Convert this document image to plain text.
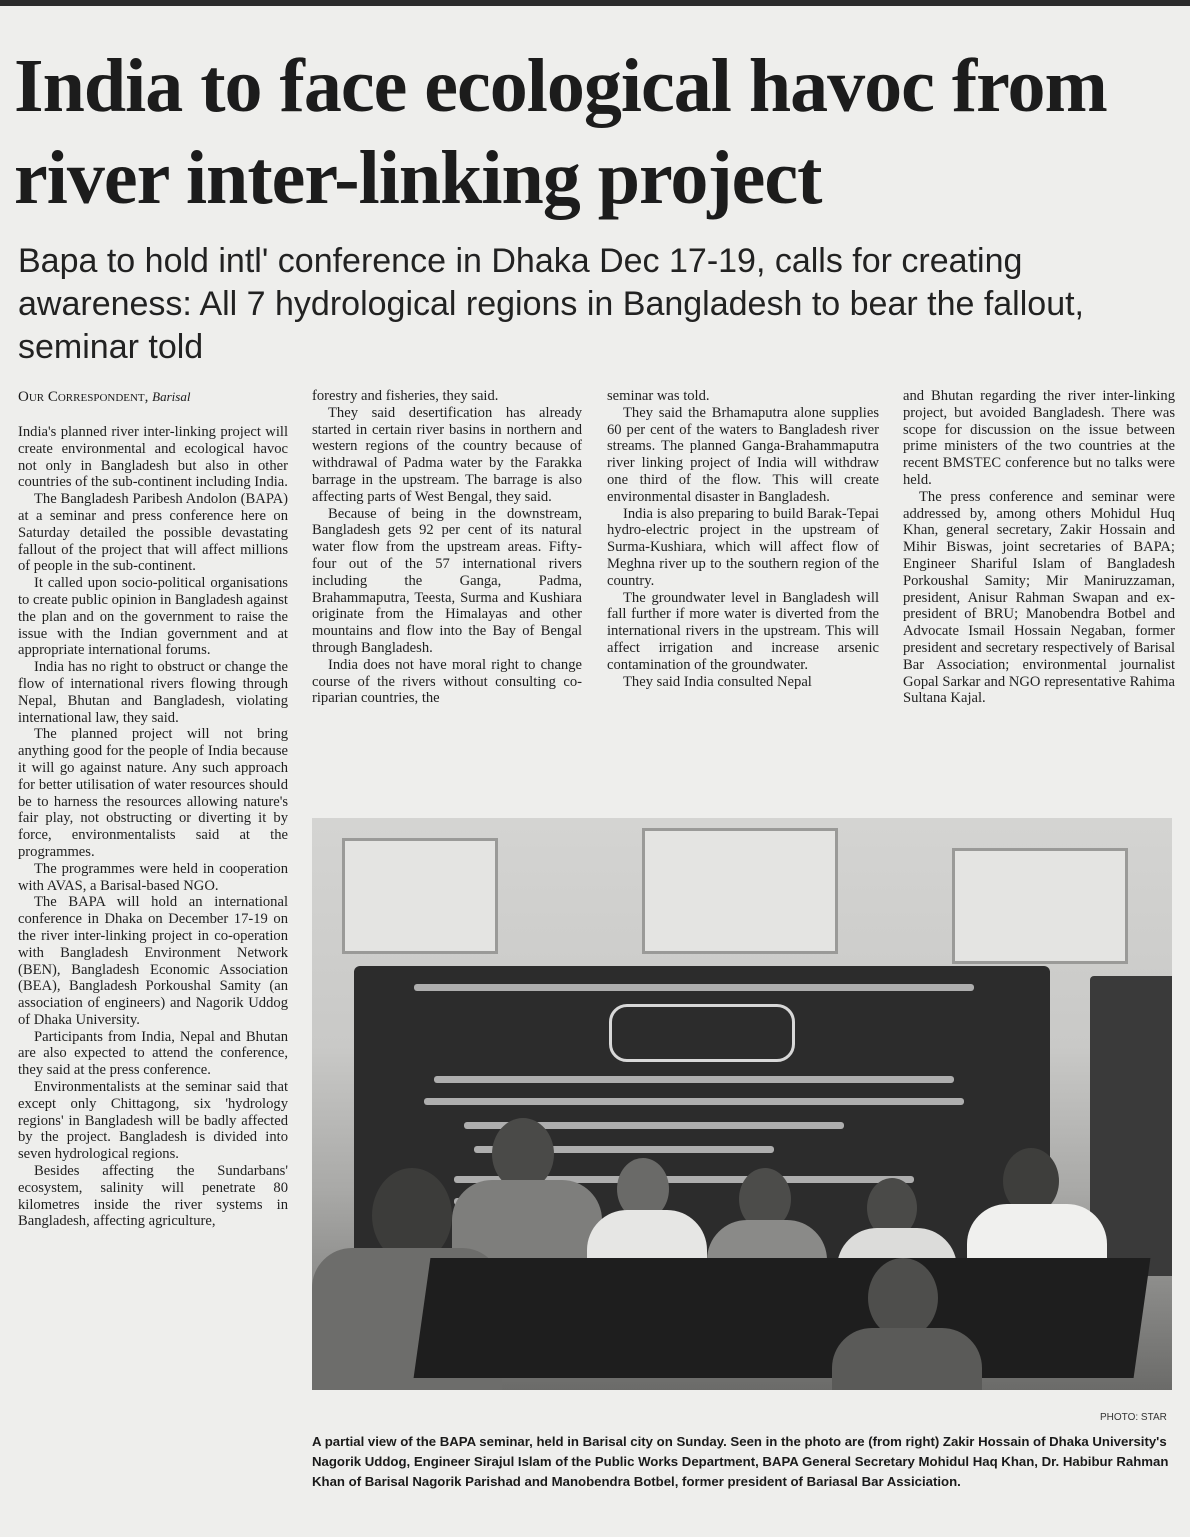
India to face ecological havoc from river inter-linking project
Bapa to hold intl' conference in Dhaka Dec 17-19, calls for creating awareness: All 7 hydrological regions in Bangladesh to bear the fallout, seminar told
Our Correspondent, Barisal

India's planned river inter-linking project will create environmental and ecological havoc not only in Bangladesh but also in other countries of the sub-continent including India.

The Bangladesh Paribesh Andolon (BAPA) at a seminar and press conference here on Saturday detailed the possible devastating fallout of the project that will affect millions of people in the sub-continent.

It called upon socio-political organisations to create public opinion in Bangladesh against the plan and on the government to raise the issue with the Indian government and at appropriate international forums.

India has no right to obstruct or change the flow of international rivers flowing through Nepal, Bhutan and Bangladesh, violating international law, they said.

The planned project will not bring anything good for the people of India because it will go against nature. Any such approach for better utilisation of water resources should be to harness the resources allowing nature's fair play, not obstructing or diverting it by force, environmentalists said at the programmes.

The programmes were held in cooperation with AVAS, a Barisal-based NGO.

The BAPA will hold an international conference in Dhaka on December 17-19 on the river inter-linking project in co-operation with Bangladesh Environment Network (BEN), Bangladesh Economic Association (BEA), Bangladesh Porkoushal Samity (an association of engineers) and Nagorik Uddog of Dhaka University.

Participants from India, Nepal and Bhutan are also expected to attend the conference, they said at the press conference.

Environmentalists at the seminar said that except only Chittagong, six 'hydrology regions' in Bangladesh will be badly affected by the project. Bangladesh is divided into seven hydrological regions.

Besides affecting the Sundarbans' ecosystem, salinity will penetrate 80 kilometres inside the river systems in Bangladesh, affecting agriculture,

forestry and fisheries, they said.

They said desertification has already started in certain river basins in northern and western regions of the country because of withdrawal of Padma water by the Farakka barrage in the upstream. The barrage is also affecting parts of West Bengal, they said.

Because of being in the downstream, Bangladesh gets 92 per cent of its natural water flow from the upstream areas. Fifty-four out of the 57 international rivers including the Ganga, Padma, Brahammaputra, Teesta, Surma and Kushiara originate from the Himalayas and other mountains and flow into the Bay of Bengal through Bangladesh.

India does not have moral right to change course of the rivers without consulting co-riparian countries, the

seminar was told.

They said the Brhamaputra alone supplies 60 per cent of the waters to Bangladesh river streams. The planned Ganga-Brahammaputra river linking project of India will withdraw one third of the flow. This will create environmental disaster in Bangladesh.

India is also preparing to build Barak-Tepai hydro-electric project in the upstream of Surma-Kushiara, which will affect flow of Meghna river up to the southern region of the country.

The groundwater level in Bangladesh will fall further if more water is diverted from the international rivers in the upstream. This will affect irrigation and increase arsenic contamination of the groundwater.

They said India consulted Nepal

and Bhutan regarding the river inter-linking project, but avoided Bangladesh. There was scope for discussion on the issue between prime ministers of the two countries at the recent BMSTEC conference but no talks were held.

The press conference and seminar were addressed by, among others Mohidul Huq Khan, general secretary, Zakir Hossain and Mihir Biswas, joint secretaries of BAPA; Engineer Shariful Islam of Bangladesh Porkoushal Samity; Mir Maniruzzaman, president, Anisur Rahman Swapan and ex-president of BRU; Manobendra Botbel and Advocate Ismail Hossain Negaban, former president and secretary respectively of Barisal Bar Association; environmental journalist Gopal Sarkar and NGO representative Rahima Sultana Kajal.

PHOTO: STAR

A partial view of the BAPA seminar, held in Barisal city on Sunday. Seen in the photo are (from right) Zakir Hossain of Dhaka University's Nagorik Uddog, Engineer Sirajul Islam of the Public Works Department, BAPA General Secretary Mohidul Haq Khan, Dr. Habibur Rahman Khan of Barisal Nagorik Parishad and Manobendra Botbel, former president of Bariasal Bar Assiciation.
